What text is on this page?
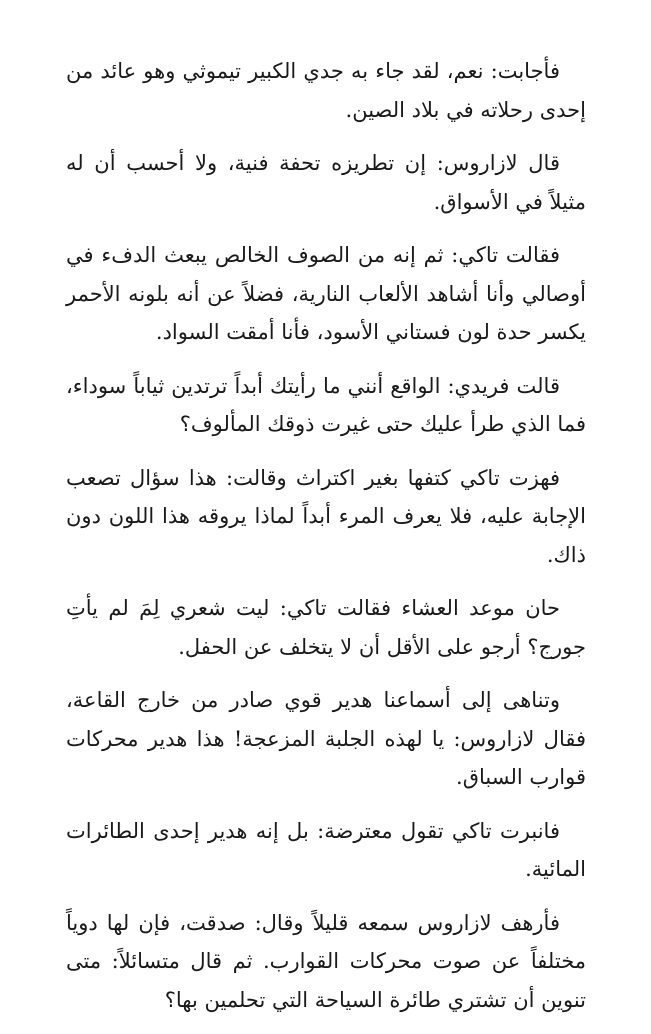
فأجابت: نعم، لقد جاء به جدي الكبير تيموثي وهو عائد من إحدى رحلاته في بلاد الصين.

قال لازاروس: إن تطريزه تحفة فنية، ولا أحسب أن له مثيلاً في الأسواق.

فقالت تاكي: ثم إنه من الصوف الخالص يبعث الدفء في أوصالي وأنا أشاهد الألعاب النارية، فضلاً عن أنه بلونه الأحمر يكسر حدة لون فستاني الأسود، فأنا أمقت السواد.

قالت فريدي: الواقع أنني ما رأيتك أبداً ترتدين ثياباً سوداء، فما الذي طرأ عليك حتى غيرت ذوقك المألوف؟

فهزت تاكي كتفها بغير اكتراث وقالت: هذا سؤال تصعب الإجابة عليه، فلا يعرف المرء أبداً لماذا يروقه هذا اللون دون ذاك.

حان موعد العشاء فقالت تاكي: ليت شعري لِمَ لم يأتِ جورج؟ أرجو على الأقل أن لا يتخلف عن الحفل.

وتناهى إلى أسماعنا هدير قوي صادر من خارج القاعة، فقال لازاروس: يا لهذه الجلبة المزعجة! هذا هدير محركات قوارب السباق.

فانبرت تاكي تقول معترضة: بل إنه هدير إحدى الطائرات المائية.

فأرهف لازاروس سمعه قليلاً وقال: صدقت، فإن لها دوياً مختلفاً عن صوت محركات القوارب. ثم قال متسائلاً: متى تنوين أن تشتري طائرة السياحة التي تحلمين بها؟
